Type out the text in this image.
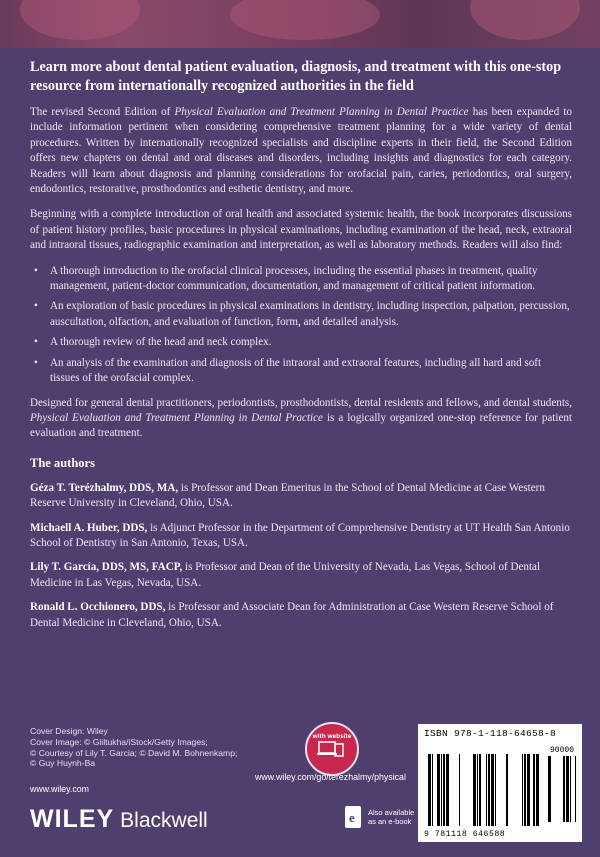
Learn more about dental patient evaluation, diagnosis, and treatment with this one-stop resource from internationally recognized authorities in the field

The revised Second Edition of Physical Evaluation and Treatment Planning in Dental Practice has been expanded to include information pertinent when considering comprehensive treatment planning for a wide variety of dental procedures. Written by internationally recognized specialists and discipline experts in their field, the Second Edition offers new chapters on dental and oral diseases and disorders, including insights and diagnostics for each category. Readers will learn about diagnosis and planning considerations for orofacial pain, caries, periodontics, oral surgery, endodontics, restorative, prosthodontics and esthetic dentistry, and more.

Beginning with a complete introduction of oral health and associated systemic health, the book incorporates discussions of patient history profiles, basic procedures in physical examinations, including examination of the head, neck, extraoral and intraoral tissues, radiographic examination and interpretation, as well as laboratory methods. Readers will also find:

• A thorough introduction to the orofacial clinical processes, including the essential phases in treatment, quality management, patient-doctor communication, documentation, and management of critical patient information.
• An exploration of basic procedures in physical examinations in dentistry, including inspection, palpation, percussion, auscultation, olfaction, and evaluation of function, form, and detailed analysis.
• A thorough review of the head and neck complex.
• An analysis of the examination and diagnosis of the intraoral and extraoral features, including all hard and soft tissues of the orofacial complex.

Designed for general dental practitioners, periodontists, prosthodontists, dental residents and fellows, and dental students, Physical Evaluation and Treatment Planning in Dental Practice is a logically organized one-stop reference for patient evaluation and treatment.

The authors

Géza T. Terézhalmy, DDS, MA, is Professor and Dean Emeritus in the School of Dental Medicine at Case Western Reserve University in Cleveland, Ohio, USA.

Michaell A. Huber, DDS, is Adjunct Professor in the Department of Comprehensive Dentistry at UT Health San Antonio School of Dentistry in San Antonio, Texas, USA.

Lily T. García, DDS, MS, FACP, is Professor and Dean of the University of Nevada, Las Vegas, School of Dental Medicine in Las Vegas, Nevada, USA.

Ronald L. Occhionero, DDS, is Professor and Associate Dean for Administration at Case Western Reserve School of Dental Medicine in Cleveland, Ohio, USA.

Cover Design: Wiley
Cover Image: © Giiltukha/iStock/Getty Images;
© Courtesy of Lily T. Garcia; © David M. Bohnenkamp;
© Guy Huynh-Ba
www.wiley.com
WILEY Blackwell
with website
www.wiley.com/go/terezhalmy/physical
e Also available
as an e-book
ISBN 978-1-118-64658-8
90000
9 781118 646588
